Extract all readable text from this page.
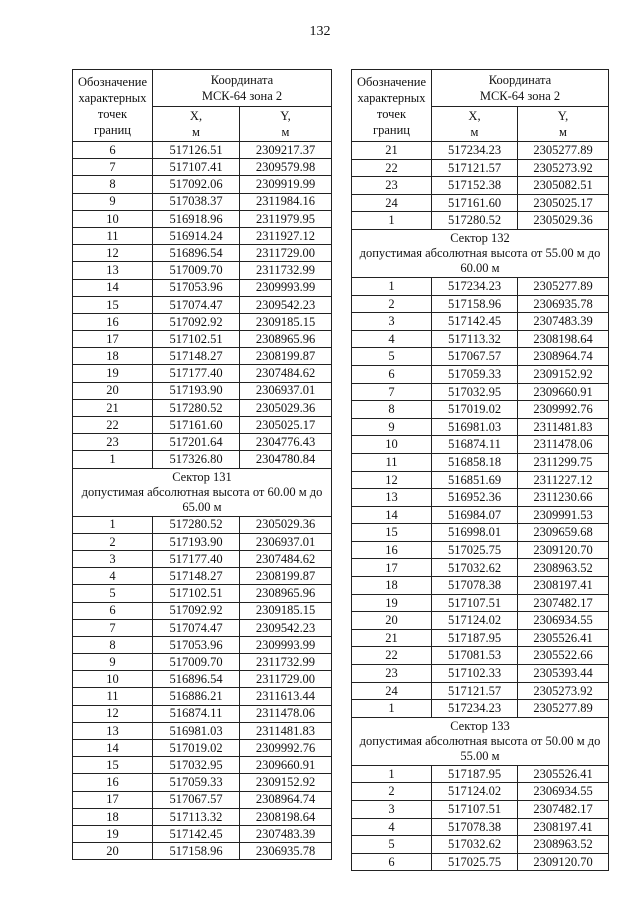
132
Обозначение
характерных
точек
границ	Координата
МСК-64 зона 2	
	X,
м	Y,
м
6	517126.51	2309217.37
7	517107.41	2309579.98
8	517092.06	2309919.99
9	517038.37	2311984.16
10	516918.96	2311979.95
11	516914.24	2311927.12
12	516896.54	2311729.00
13	517009.70	2311732.99
14	517053.96	2309993.99
15	517074.47	2309542.23
16	517092.92	2309185.15
17	517102.51	2308965.96
18	517148.27	2308199.87
19	517177.40	2307484.62
20	517193.90	2306937.01
21	517280.52	2305029.36
22	517161.60	2305025.17
23	517201.64	2304776.43
1	517326.80	2304780.84

Сектор 131
допустимая абсолютная высота от 60.00 м до 65.00 м		

1	517280.52	2305029.36
2	517193.90	2306937.01
3	517177.40	2307484.62
4	517148.27	2308199.87
5	517102.51	2308965.96
6	517092.92	2309185.15
7	517074.47	2309542.23
8	517053.96	2309993.99
9	517009.70	2311732.99
10	516896.54	2311729.00
11	516886.21	2311613.44
12	516874.11	2311478.06
13	516981.03	2311481.83
14	517019.02	2309992.76
15	517032.95	2309660.91
16	517059.33	2309152.92
17	517067.57	2308964.74
18	517113.32	2308198.64
19	517142.45	2307483.39
20	517158.96	2306935.78
Обозначение
характерных
точек
границ	Координата
МСК-64 зона 2	
	X,
м	Y,
м
21	517234.23	2305277.89
22	517121.57	2305273.92
23	517152.38	2305082.51
24	517161.60	2305025.17
1	517280.52	2305029.36

Сектор 132
допустимая абсолютная высота от 55.00 м до 60.00 м		

1	517234.23	2305277.89
2	517158.96	2306935.78
3	517142.45	2307483.39
4	517113.32	2308198.64
5	517067.57	2308964.74
6	517059.33	2309152.92
7	517032.95	2309660.91
8	517019.02	2309992.76
9	516981.03	2311481.83
10	516874.11	2311478.06
11	516858.18	2311299.75
12	516851.69	2311227.12
13	516952.36	2311230.66
14	516984.07	2309991.53
15	516998.01	2309659.68
16	517025.75	2309120.70
17	517032.62	2308963.52
18	517078.38	2308197.41
19	517107.51	2307482.17
20	517124.02	2306934.55
21	517187.95	2305526.41
22	517081.53	2305522.66
23	517102.33	2305393.44
24	517121.57	2305273.92
1	517234.23	2305277.89

Сектор 133
допустимая абсолютная высота от 50.00 м до 55.00 м		

1	517187.95	2305526.41
2	517124.02	2306934.55
3	517107.51	2307482.17
4	517078.38	2308197.41
5	517032.62	2308963.52
6	517025.75	2309120.70
